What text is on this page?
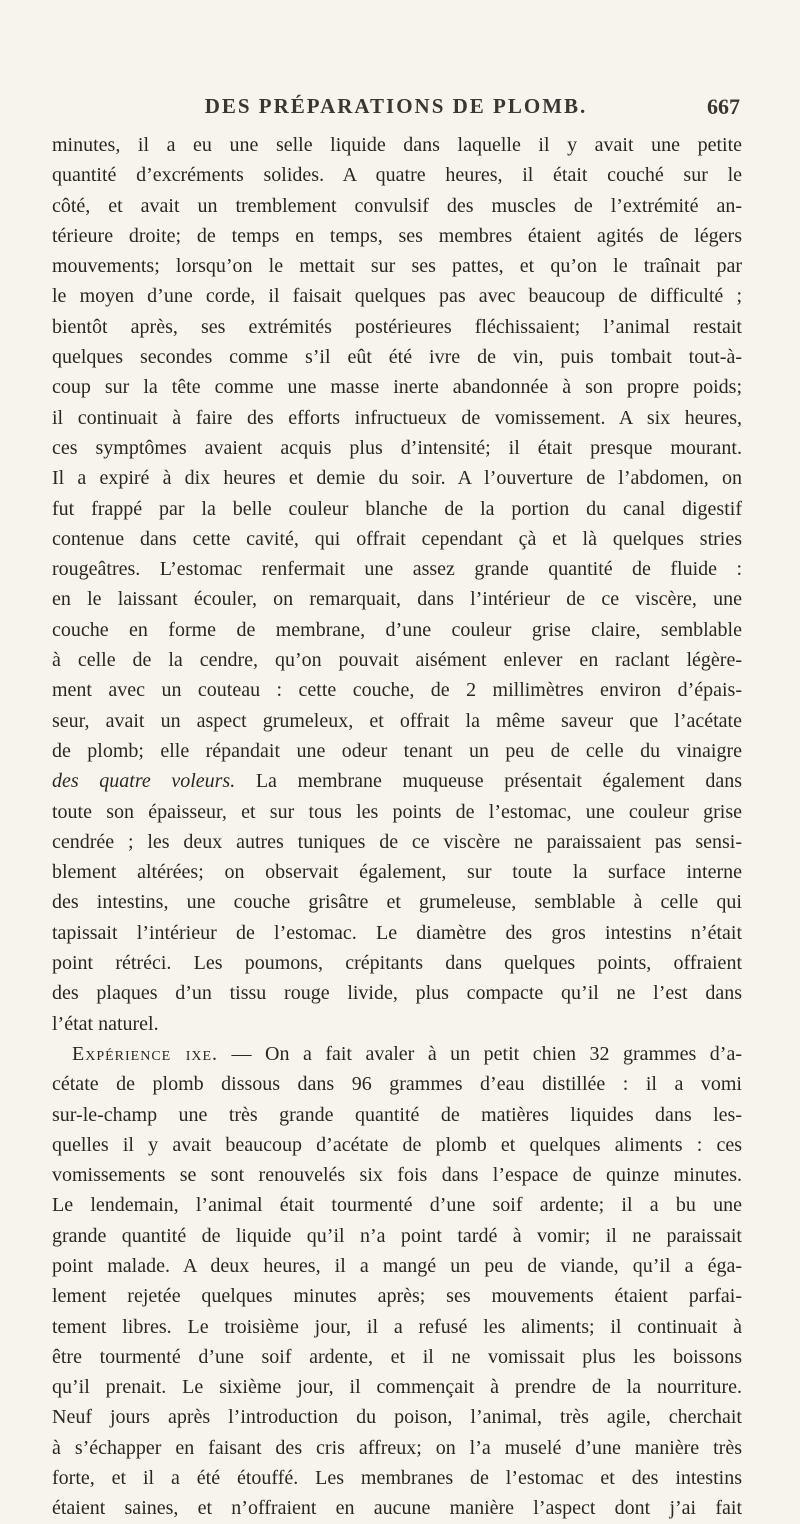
DES PRÉPARATIONS DE PLOMB.	667
minutes, il a eu une selle liquide dans laquelle il y avait une petite
quantité d’excréments solides. A quatre heures, il était couché sur le
côté, et avait un tremblement convulsif des muscles de l’extrémité an-
térieure droite; de temps en temps, ses membres étaient agités de légers
mouvements; lorsqu’on le mettait sur ses pattes, et qu’on le traînait par
le moyen d’une corde, il faisait quelques pas avec beaucoup de difficulté ;
bientôt après, ses extrémités postérieures fléchissaient; l’animal restait
quelques secondes comme s’il eût été ivre de vin, puis tombait tout-à-
coup sur la tête comme une masse inerte abandonnée à son propre poids;
il continuait à faire des efforts infructueux de vomissement. A six heures,
ces symptômes avaient acquis plus d’intensité; il était presque mourant.
Il a expiré à dix heures et demie du soir. A l’ouverture de l’abdomen, on
fut frappé par la belle couleur blanche de la portion du canal digestif
contenue dans cette cavité, qui offrait cependant çà et là quelques stries
rougeâtres. L’estomac renfermait une assez grande quantité de fluide :
en le laissant écouler, on remarquait, dans l’intérieur de ce viscère, une
couche en forme de membrane, d’une couleur grise claire, semblable
à celle de la cendre, qu’on pouvait aisément enlever en raclant légère-
ment avec un couteau : cette couche, de 2 millimètres environ d’épais-
seur, avait un aspect grumeleux, et offrait la même saveur que l’acétate
de plomb; elle répandait une odeur tenant un peu de celle du vinaigre
des quatre voleurs. La membrane muqueuse présentait également dans
toute son épaisseur, et sur tous les points de l’estomac, une couleur grise
cendrée ; les deux autres tuniques de ce viscère ne paraissaient pas sensi-
blement altérées; on observait également, sur toute la surface interne
des intestins, une couche grisâtre et grumeleuse, semblable à celle qui
tapissait l’intérieur de l’estomac. Le diamètre des gros intestins n’était
point rétréci. Les poumons, crépitants dans quelques points, offraient
des plaques d’un tissu rouge livide, plus compacte qu’il ne l’est dans
l’état naturel.
Expérience ixe. — On a fait avaler à un petit chien 32 grammes d’a-
cétate de plomb dissous dans 96 grammes d’eau distillée : il a vomi
sur-le-champ une très grande quantité de matières liquides dans les-
quelles il y avait beaucoup d’acétate de plomb et quelques aliments : ces
vomissements se sont renouvelés six fois dans l’espace de quinze minutes.
Le lendemain, l’animal était tourmenté d’une soif ardente; il a bu une
grande quantité de liquide qu’il n’a point tardé à vomir; il ne paraissait
point malade. A deux heures, il a mangé un peu de viande, qu’il a éga-
lement rejetée quelques minutes après; ses mouvements étaient parfai-
tement libres. Le troisième jour, il a refusé les aliments; il continuait à
être tourmenté d’une soif ardente, et il ne vomissait plus les boissons
qu’il prenait. Le sixième jour, il commençait à prendre de la nourriture.
Neuf jours après l’introduction du poison, l’animal, très agile, cherchait
à s’échapper en faisant des cris affreux; on l’a muselé d’une manière très
forte, et il a été étouffé. Les membranes de l’estomac et des intestins
étaient saines, et n’offraient en aucune manière l’aspect dont j’ai fait
